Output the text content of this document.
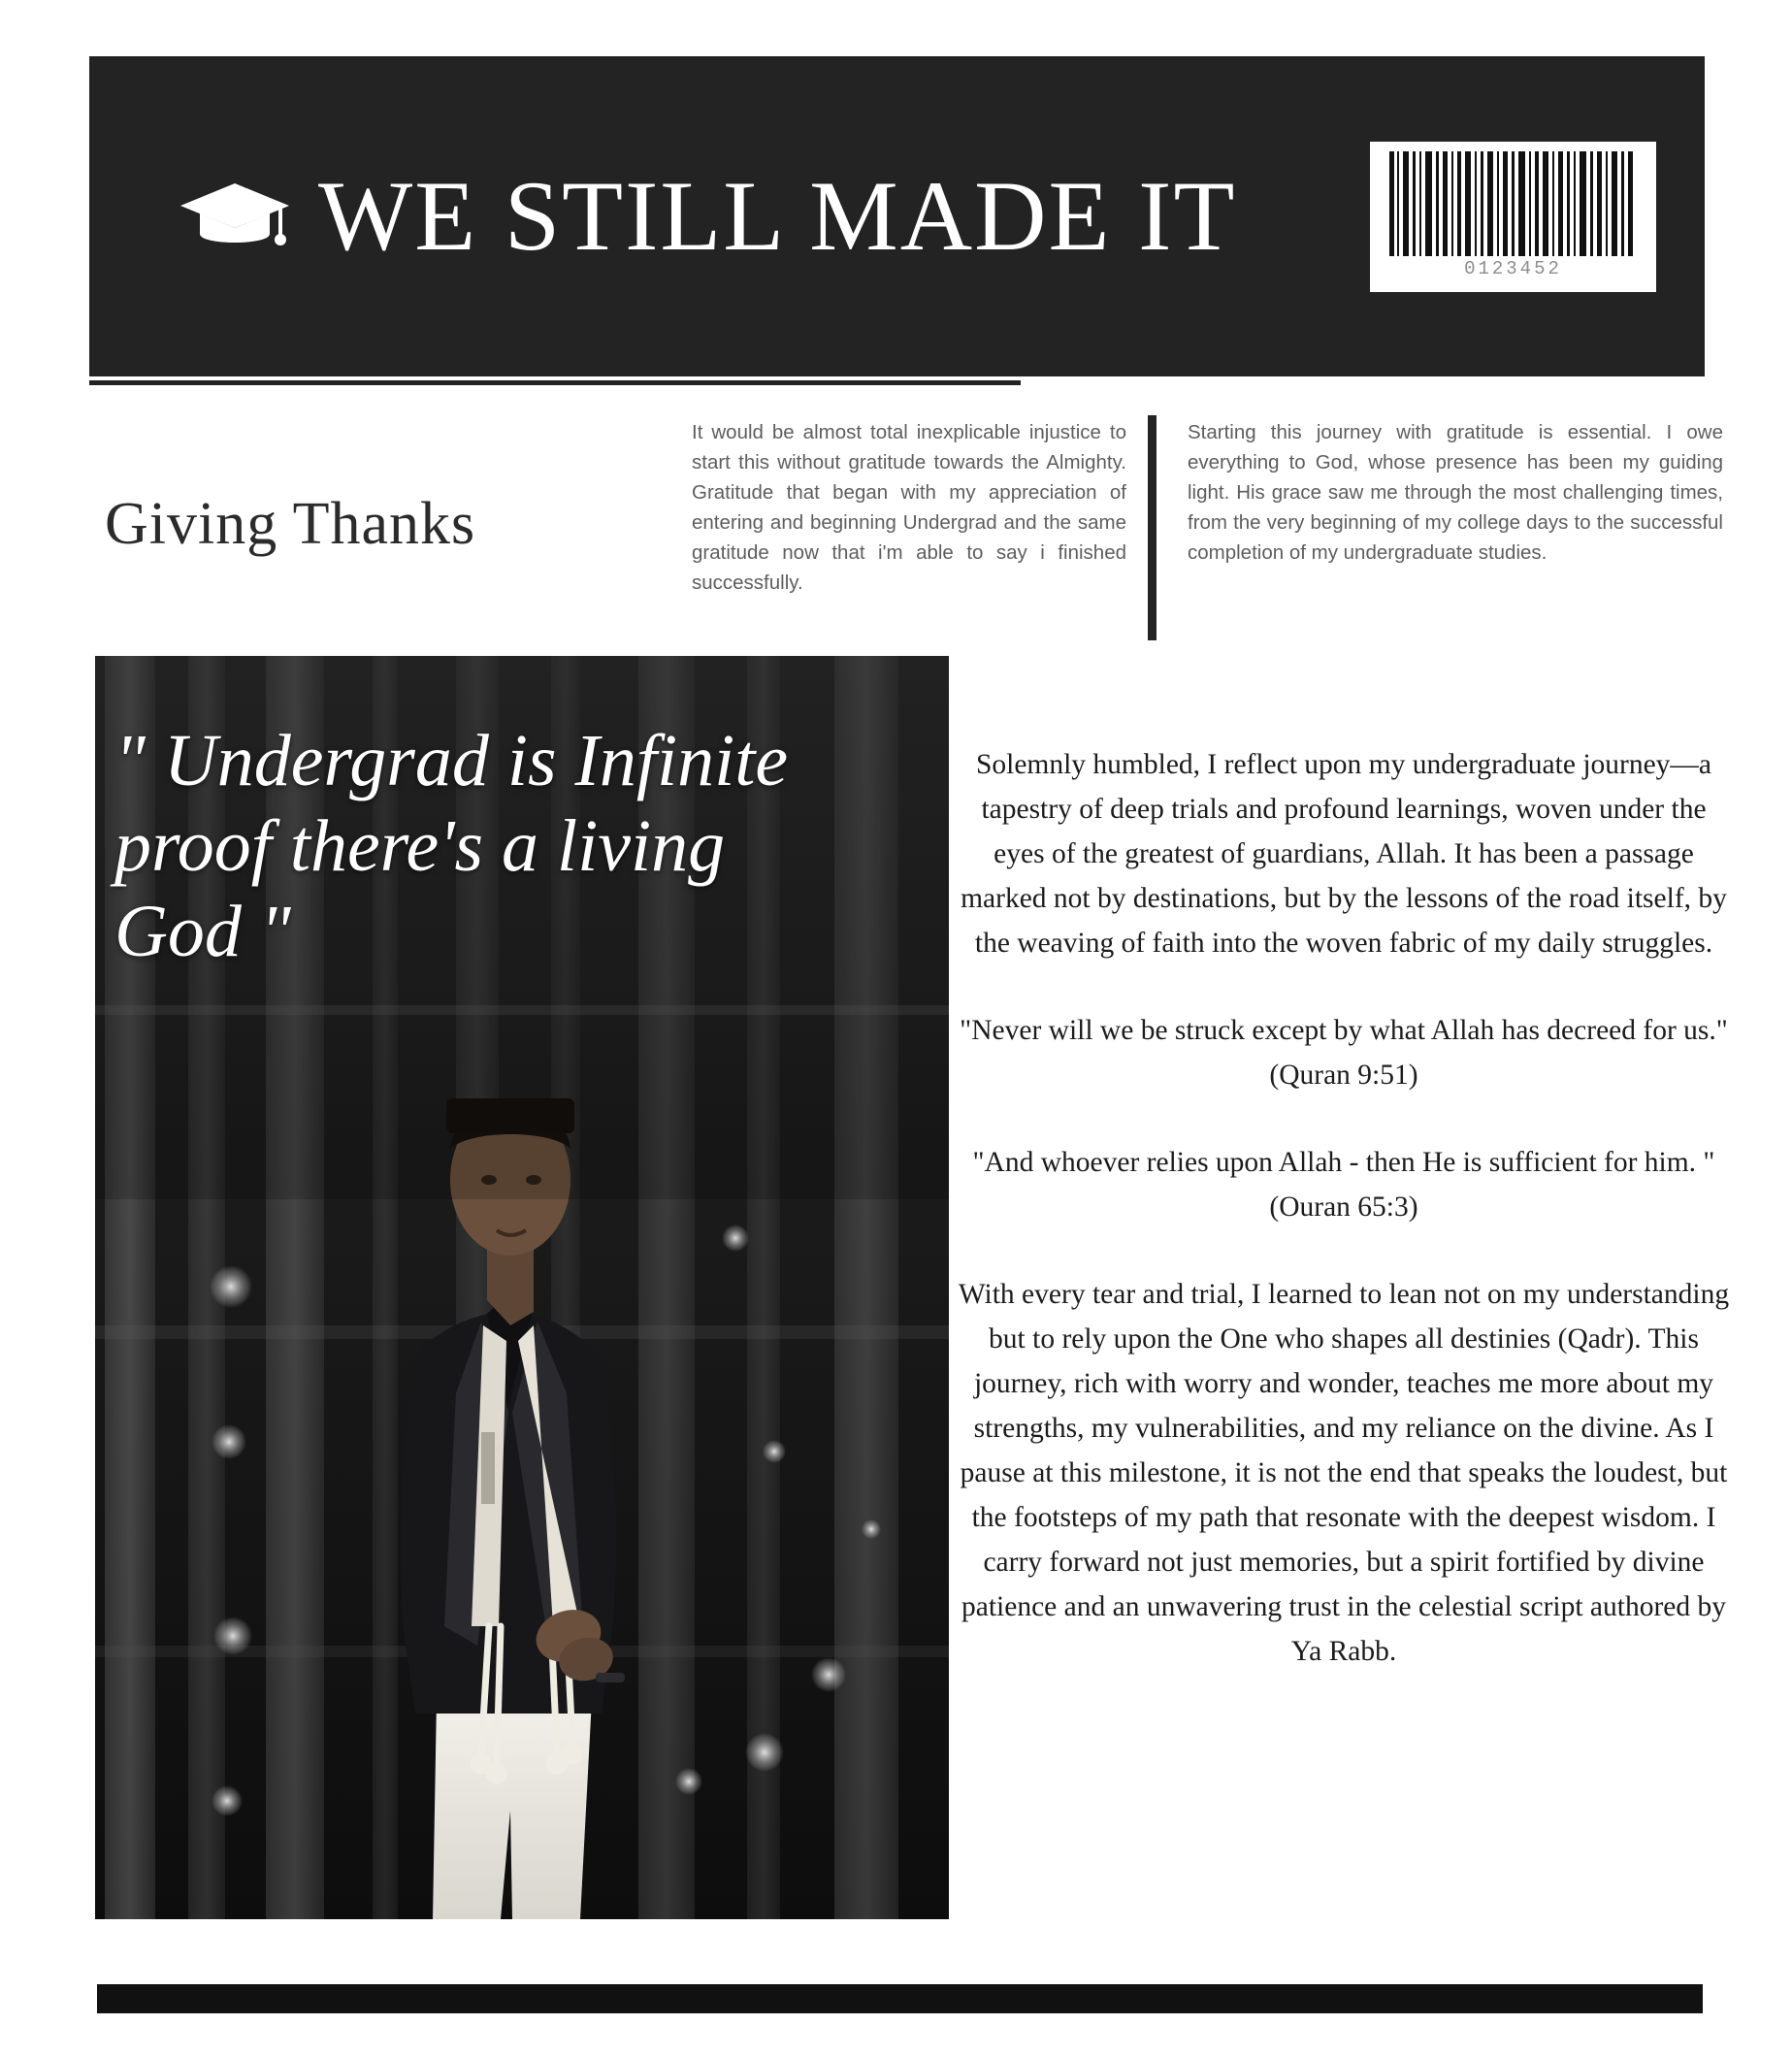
WE STILL MADE IT	0123452
Giving Thanks
It would be almost total inexplicable injustice to start this without gratitude towards the Almighty. Gratitude that began with my appreciation of entering and beginning Undergrad and the same gratitude now that i'm able to say i finished successfully.
Starting this journey with gratitude is essential. I owe everything to God, whose presence has been my guiding light. His grace saw me through the most challenging times, from the very beginning of my college days to the successful completion of my undergraduate studies.
" Undergrad is Infinite proof there's a living God "

Solemnly humbled, I reflect upon my undergraduate journey—a tapestry of deep trials and profound learnings, woven under the eyes of the greatest of guardians, Allah. It has been a passage marked not by destinations, but by the lessons of the road itself, by the weaving of faith into the woven fabric of my daily struggles.

"Never will we be struck except by what Allah has decreed for us." (Quran 9:51)

"And whoever relies upon Allah - then He is sufficient for him. " (Ouran 65:3)

With every tear and trial, I learned to lean not on my understanding but to rely upon the One who shapes all destinies (Qadr). This journey, rich with worry and wonder, teaches me more about my strengths, my vulnerabilities, and my reliance on the divine. As I pause at this milestone, it is not the end that speaks the loudest, but the footsteps of my path that resonate with the deepest wisdom. I carry forward not just memories, but a spirit fortified by divine patience and an unwavering trust in the celestial script authored by Ya Rabb.
